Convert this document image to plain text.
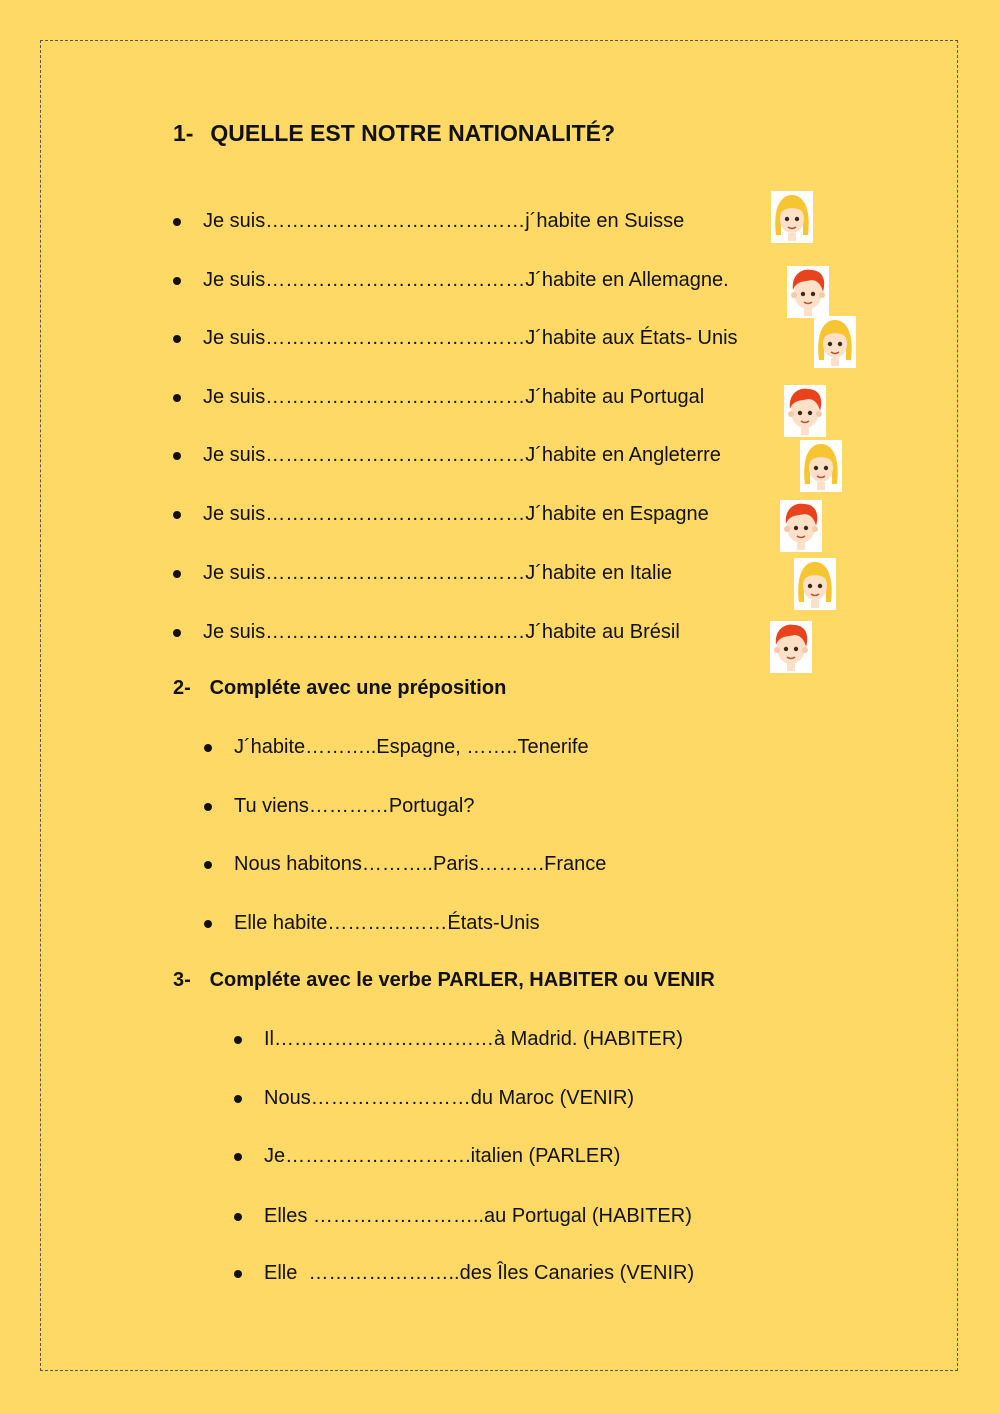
1- QUELLE EST NOTRE NATIONALITÉ?
Je suis…………………………………j´habite en Suisse
Je suis…………………………………J´habite en Allemagne.
Je suis…………………………………J´habite aux États- Unis
Je suis…………………………………J´habite au Portugal
Je suis…………………………………J´habite en Angleterre
Je suis…………………………………J´habite en Espagne
Je suis…………………………………J´habite en Italie
Je suis…………………………………J´habite au Brésil
2- Compléte avec une préposition
J´habite………..Espagne, ……..Tenerife
Tu viens…………Portugal?
Nous habitons………..Paris……….France
Elle habite………………États-Unis
3- Compléte avec le verbe PARLER, HABITER ou VENIR
Il……………………………à Madrid. (HABITER)
Nous……………………du Maroc (VENIR)
Je……………………….italien (PARLER)
Elles ……………………..au Portugal (HABITER)
Elle  …………………..des Îles Canaries (VENIR)
